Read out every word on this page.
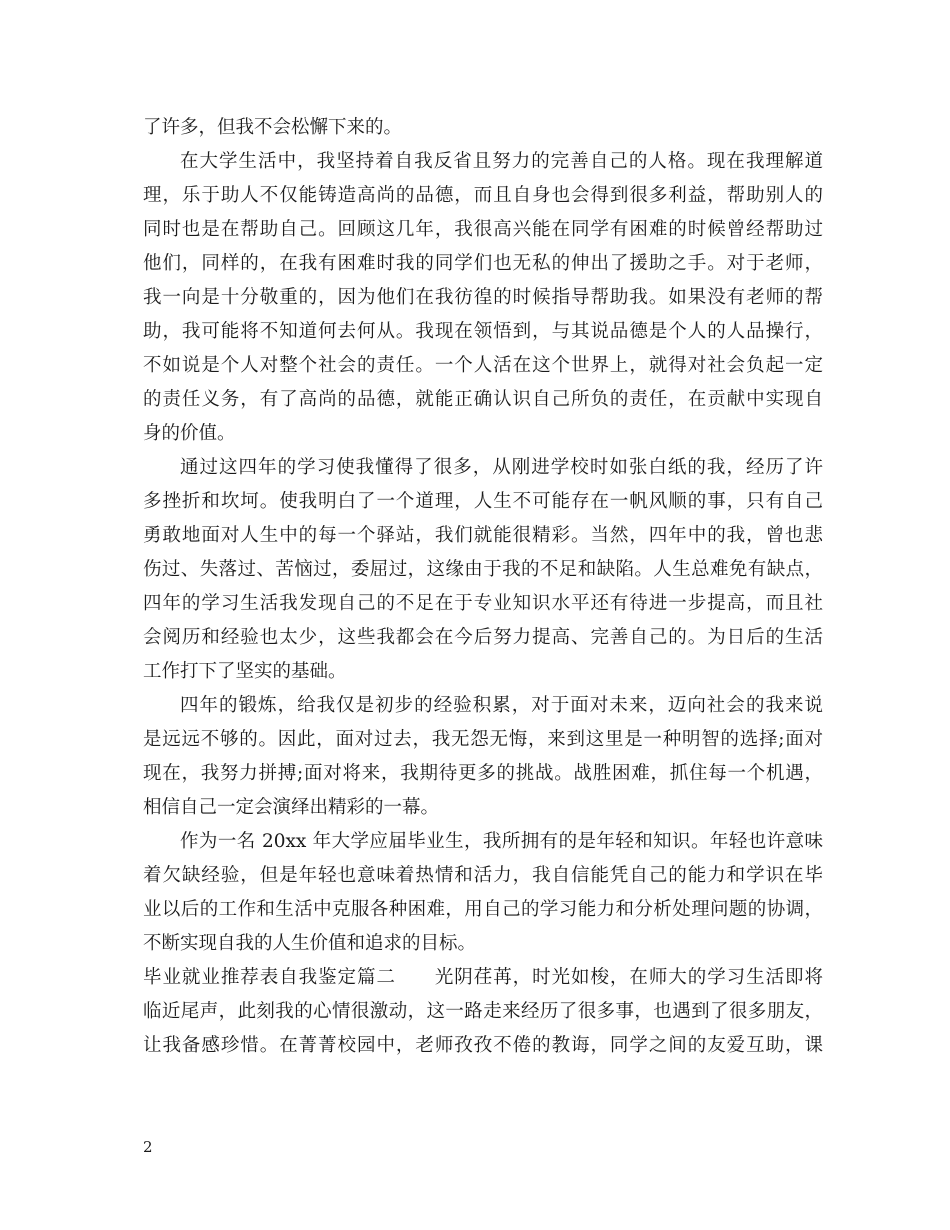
了许多，但我不会松懈下来的。
在大学生活中，我坚持着自我反省且努力的完善自己的人格。现在我理解道
理，乐于助人不仅能铸造高尚的品德，而且自身也会得到很多利益，帮助别人的
同时也是在帮助自己。回顾这几年，我很高兴能在同学有困难的时候曾经帮助过
他们，同样的，在我有困难时我的同学们也无私的伸出了援助之手。对于老师，
我一向是十分敬重的，因为他们在我彷徨的时候指导帮助我。如果没有老师的帮
助，我可能将不知道何去何从。我现在领悟到，与其说品德是个人的人品操行，
不如说是个人对整个社会的责任。一个人活在这个世界上，就得对社会负起一定
的责任义务，有了高尚的品德，就能正确认识自己所负的责任，在贡献中实现自
身的价值。
通过这四年的学习使我懂得了很多，从刚进学校时如张白纸的我，经历了许
多挫折和坎坷。使我明白了一个道理，人生不可能存在一帆风顺的事，只有自己
勇敢地面对人生中的每一个驿站，我们就能很精彩。当然，四年中的我，曾也悲
伤过、失落过、苦恼过，委屈过，这缘由于我的不足和缺陷。人生总难免有缺点，
四年的学习生活我发现自己的不足在于专业知识水平还有待进一步提高，而且社
会阅历和经验也太少，这些我都会在今后努力提高、完善自己的。为日后的生活
工作打下了坚实的基础。
四年的锻炼，给我仅是初步的经验积累，对于面对未来，迈向社会的我来说
是远远不够的。因此，面对过去，我无怨无悔，来到这里是一种明智的选择;面对
现在，我努力拼搏;面对将来，我期待更多的挑战。战胜困难，抓住每一个机遇，
相信自己一定会演绎出精彩的一幕。
作为一名 20xx 年大学应届毕业生，我所拥有的是年轻和知识。年轻也许意味
着欠缺经验，但是年轻也意味着热情和活力，我自信能凭自己的能力和学识在毕
业以后的工作和生活中克服各种困难，用自己的学习能力和分析处理问题的协调，
不断实现自我的人生价值和追求的目标。
毕业就业推荐表自我鉴定篇二　　光阴荏苒，时光如梭，在师大的学习生活即将
临近尾声，此刻我的心情很激动，这一路走来经历了很多事，也遇到了很多朋友，
让我备感珍惜。在菁菁校园中，老师孜孜不倦的教诲，同学之间的友爱互助，课
2
